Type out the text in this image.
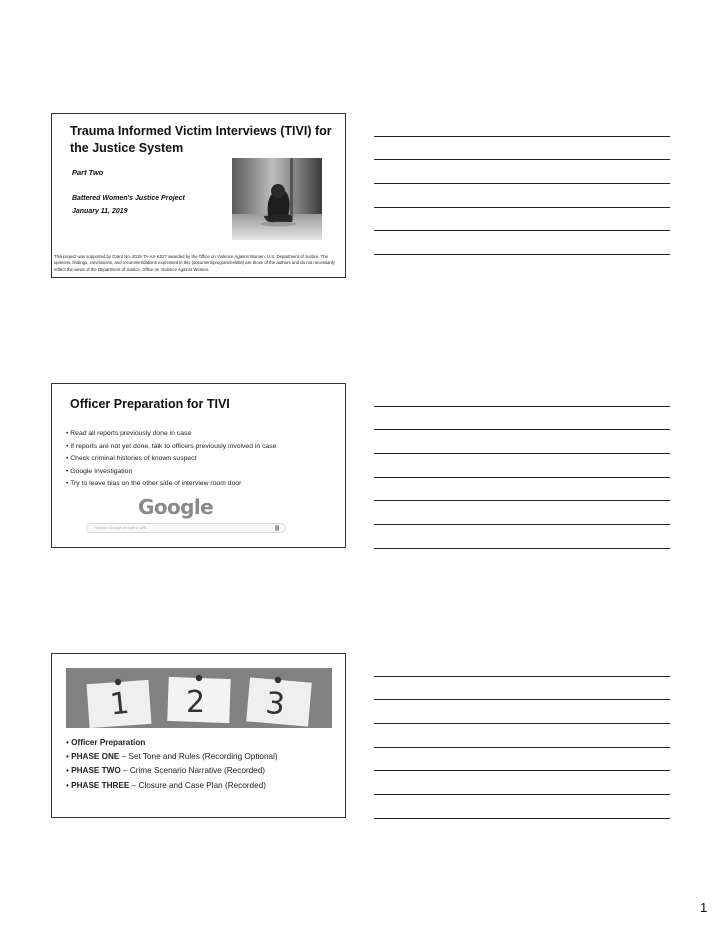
Trauma Informed Victim Interviews (TIVI) for the Justice System
Part Two
Battered Women's Justice Project
January 11, 2019
This project was supported by Grant No. 2015-TA-AX-K027 awarded by the Office on Violence Against Women, U.S. Department of Justice. The opinions, findings, conclusions, and recommendations expressed in this (document/program/exhibit) are those of the authors and do not necessarily reflect the views of the Department of Justice, Office on Violence Against Women.
Officer Preparation for TIVI
• Read all reports previously done in case
• If reports are not yet done, talk to officers previously involved in case
• Check criminal histories of known suspect
• Google Investigation
• Try to leave bias on the other side of interview room door
Google
Search Google or type a URL
1 2 3
• Officer Preparation
• PHASE ONE – Set Tone and Rules (Recording Optional)
• PHASE TWO – Crime Scenario Narrative (Recorded)
• PHASE THREE – Closure and Case Plan (Recorded)
1
